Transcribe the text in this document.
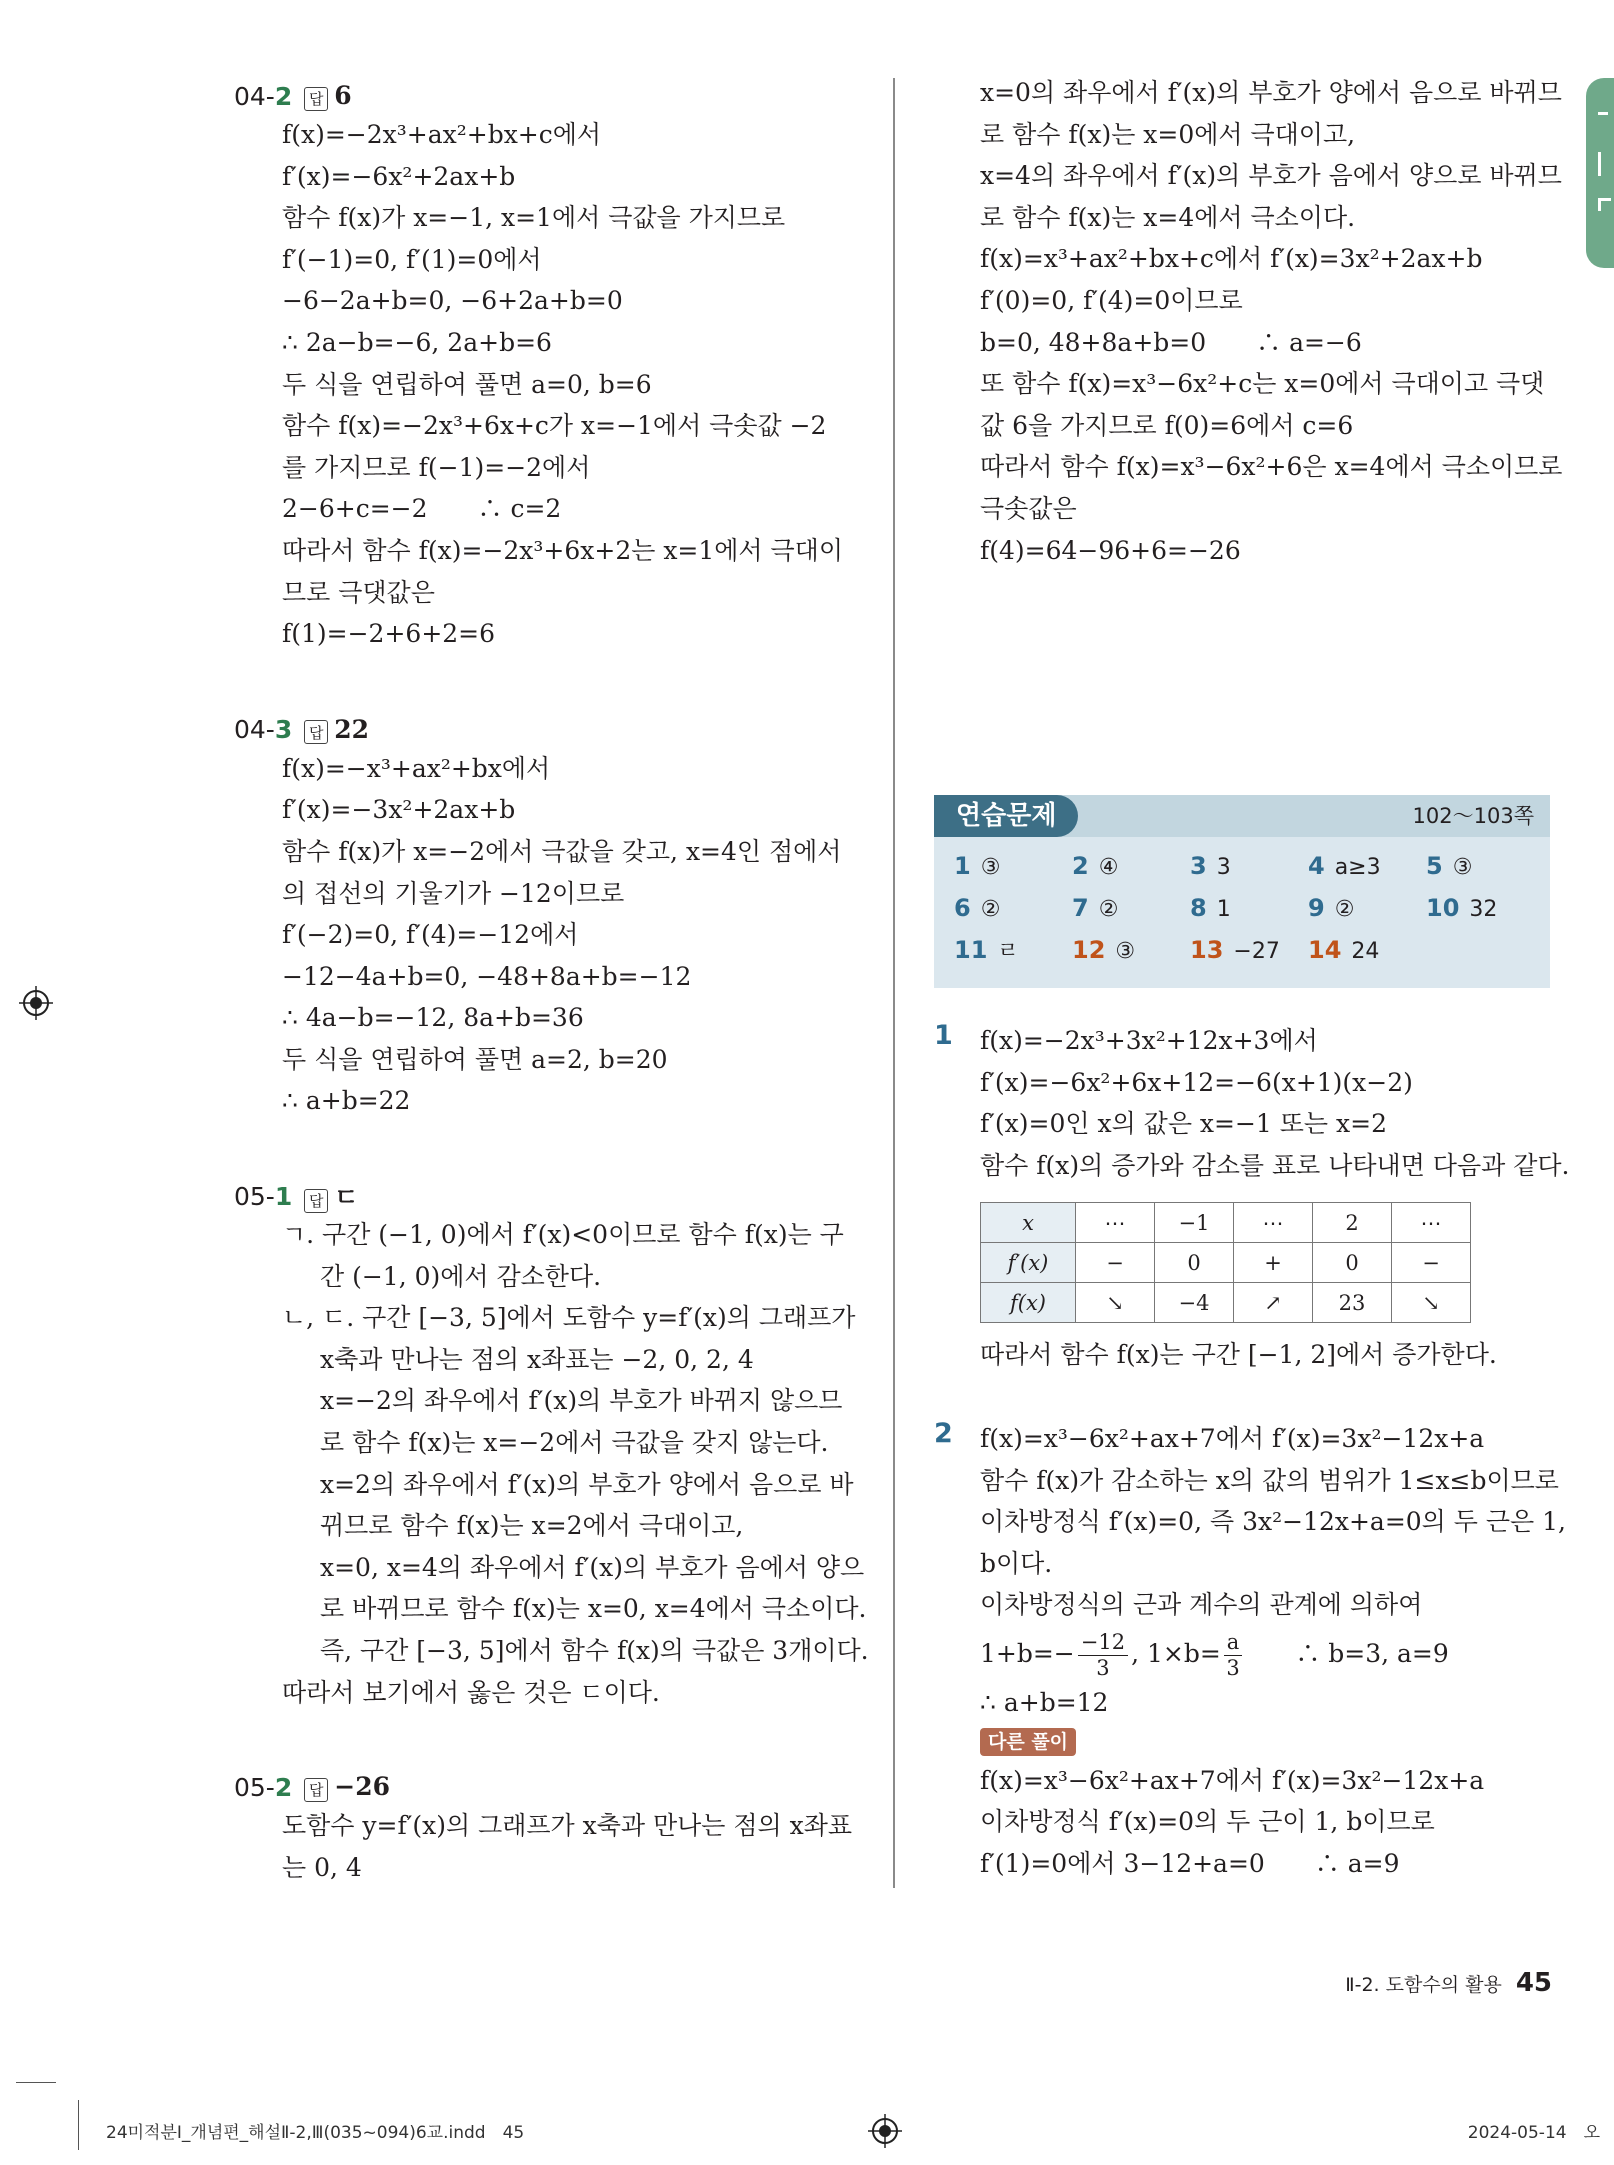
04-2	답 6
f(x)=−2x³+ax²+bx+c에서
f′(x)=−6x²+2ax+b
함수 f(x)가 x=−1, x=1에서 극값을 가지므로
f′(−1)=0, f′(1)=0에서
−6−2a+b=0, −6+2a+b=0
∴ 2a−b=−6, 2a+b=6
두 식을 연립하여 풀면 a=0, b=6
함수 f(x)=−2x³+6x+c가 x=−1에서 극솟값 −2
를 가지므로 f(−1)=−2에서
2−6+c=−2　　∴ c=2
따라서 함수 f(x)=−2x³+6x+2는 x=1에서 극대이
므로 극댓값은
f(1)=−2+6+2=6
04-3	답 22
f(x)=−x³+ax²+bx에서
f′(x)=−3x²+2ax+b
함수 f(x)가 x=−2에서 극값을 갖고, x=4인 점에서
의 접선의 기울기가 −12이므로
f′(−2)=0, f′(4)=−12에서
−12−4a+b=0, −48+8a+b=−12
∴ 4a−b=−12, 8a+b=36
두 식을 연립하여 풀면 a=2, b=20
∴ a+b=22
05-1	답 ㄷ
ㄱ. 구간 (−1, 0)에서 f′(x)<0이므로 함수 f(x)는 구
간 (−1, 0)에서 감소한다.
ㄴ, ㄷ. 구간 [−3, 5]에서 도함수 y=f′(x)의 그래프가
x축과 만나는 점의 x좌표는 −2, 0, 2, 4
x=−2의 좌우에서 f′(x)의 부호가 바뀌지 않으므
로 함수 f(x)는 x=−2에서 극값을 갖지 않는다.
x=2의 좌우에서 f′(x)의 부호가 양에서 음으로 바
뀌므로 함수 f(x)는 x=2에서 극대이고,
x=0, x=4의 좌우에서 f′(x)의 부호가 음에서 양으
로 바뀌므로 함수 f(x)는 x=0, x=4에서 극소이다.
즉, 구간 [−3, 5]에서 함수 f(x)의 극값은 3개이다.
따라서 보기에서 옳은 것은 ㄷ이다.
05-2	답 −26
도함수 y=f′(x)의 그래프가 x축과 만나는 점의 x좌표
는 0, 4
x=0의 좌우에서 f′(x)의 부호가 양에서 음으로 바뀌므
로 함수 f(x)는 x=0에서 극대이고,
x=4의 좌우에서 f′(x)의 부호가 음에서 양으로 바뀌므
로 함수 f(x)는 x=4에서 극소이다.
f(x)=x³+ax²+bx+c에서 f′(x)=3x²+2ax+b
f′(0)=0, f′(4)=0이므로
b=0, 48+8a+b=0　　∴ a=−6
또 함수 f(x)=x³−6x²+c는 x=0에서 극대이고 극댓
값 6을 가지므로 f(0)=6에서 c=6
따라서 함수 f(x)=x³−6x²+6은 x=4에서 극소이므로
극솟값은
f(4)=64−96+6=−26
연습문제	102～103쪽
1 ③	2 ④	3 3	4 a≥3	5 ③
6 ②	7 ②	8 1	9 ②	10 32
11 ㄹ	12 ③	13 −27	14 24
1 f(x)=−2x³+3x²+12x+3에서
f′(x)=−6x²+6x+12=−6(x+1)(x−2)
f′(x)=0인 x의 값은 x=−1 또는 x=2
함수 f(x)의 증가와 감소를 표로 나타내면 다음과 같다.
x	⋯	−1	⋯	2	⋯
f′(x)	−	0	+	0	−
f(x)	↘	−4	↗	23	↘
따라서 함수 f(x)는 구간 [−1, 2]에서 증가한다.
2 f(x)=x³−6x²+ax+7에서 f′(x)=3x²−12x+a
함수 f(x)가 감소하는 x의 값의 범위가 1≤x≤b이므로
이차방정식 f′(x)=0, 즉 3x²−12x+a=0의 두 근은 1,
b이다.
이차방정식의 근과 계수의 관계에 의하여
$1+b=- \frac{-12}{3}$ , $1\times b= \frac{a}{3}$ 　　∴ b=3, a=9
∴ a+b=12
다른 풀이
f(x)=x³−6x²+ax+7에서 f′(x)=3x²−12x+a
이차방정식 f′(x)=0의 두 근이 1, b이므로
f′(1)=0에서 3−12+a=0　　∴ a=9
Ⅱ-2. 도함수의 활용 45
24미적분Ⅰ_개념편_해설Ⅱ-2,Ⅲ(035~094)6교.indd　45	2024-05-14　오
